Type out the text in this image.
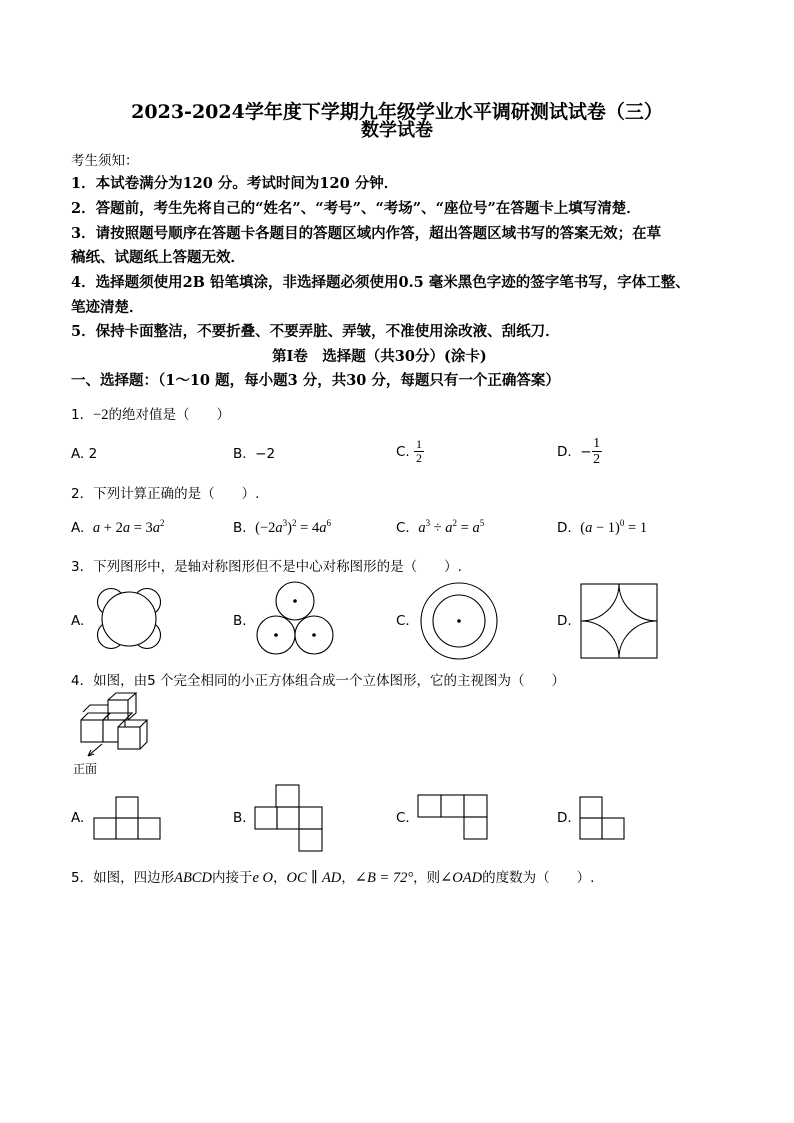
2023-2024学年度下学期九年级学业水平调研测试试卷（三）
数学试卷
考生须知：
1．本试卷满分为120 分。考试时间为120 分钟．
2．答题前，考生先将自己的“姓名”、“考号”、“考场”、“座位号”在答题卡上填写清楚．
3．请按照题号顺序在答题卡各题目的答题区域内作答，超出答题区域书写的答案无效；在草
稿纸、试题纸上答题无效．
4．选择题须使用2B 铅笔填涂，非选择题必须使用0.5 毫米黑色字迹的签字笔书写，字体工整、
笔迹清楚．
5．保持卡面整洁，不要折叠、不要弄脏、弄皱，不准使用涂改液、刮纸刀．
第Ⅰ卷　选择题（共30分）(涂卡)
一、选择题：（1～10 题，每小题3 分，共30 分，每题只有一个正确答案）
1．−2的绝对值是（　　）
A. 2	B. −2	C.
$\frac{1}{2}$	D.
− $\frac{1}{2}$
2．下列计算正确的是（　　）.
A. $a + 2a = 3a^2$	B. $(-2a^3)^2 = 4a^6$	C. $a^3 \div a^2 = a^5$	D. $(a - 1)^0 = 1$
3．下列图形中，是轴对称图形但不是中心对称图形的是（　　）.
A.	B.	C.	D.
4．如图，由5 个完全相同的小正方体组合成一个立体图形，它的主视图为（　　）
正面
A.	B.	C.	D.
5．如图，四边形ABCD内接于e O，OC ∥ AD，∠B = 72°，则∠OAD的度数为（　　）.
